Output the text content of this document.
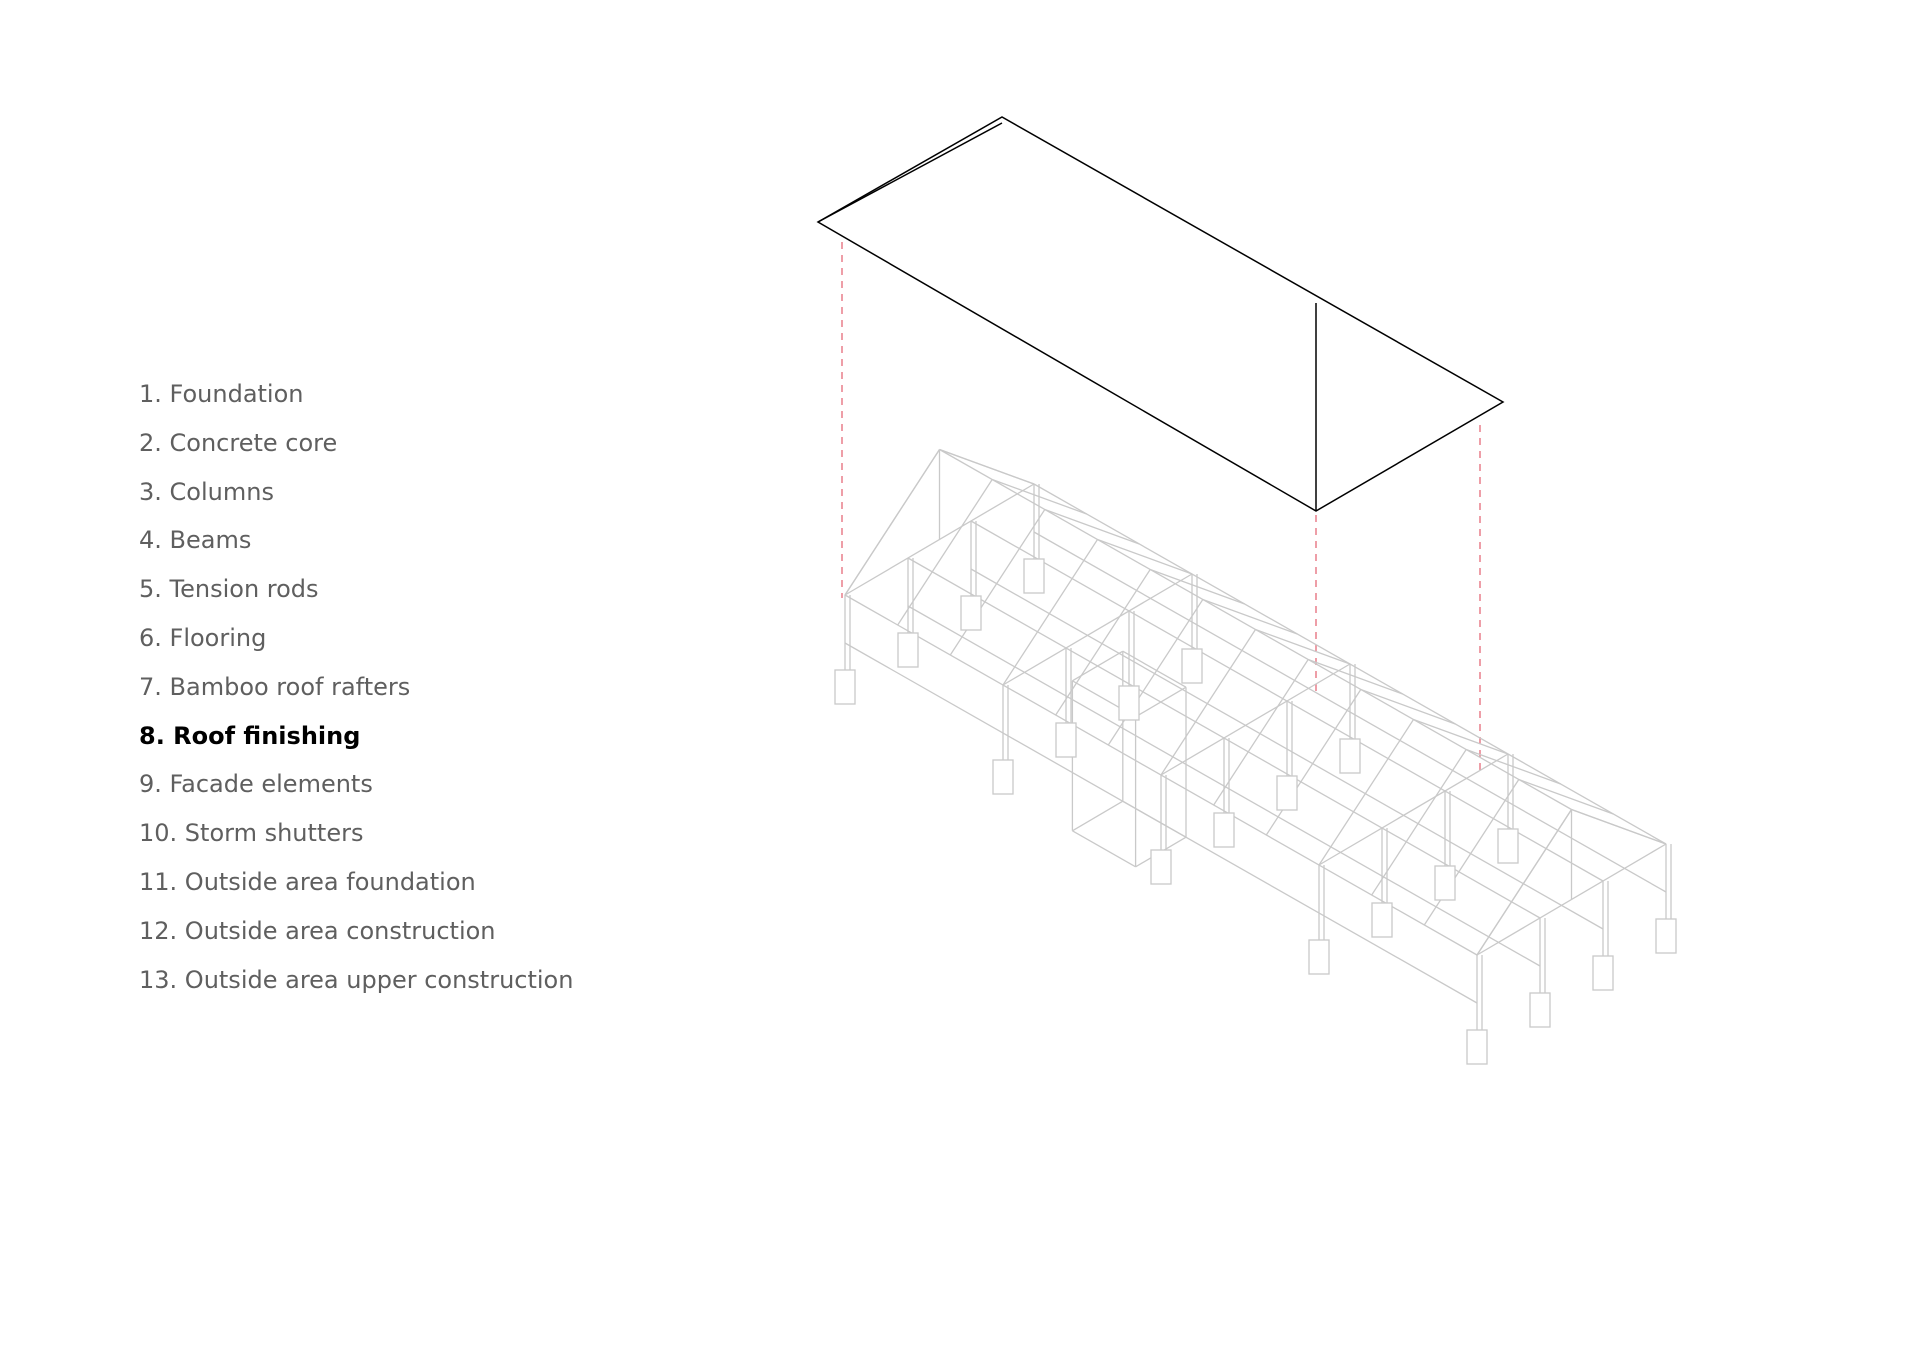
1. Foundation
2. Concrete core
3. Columns
4. Beams
5. Tension rods
6. Flooring
7. Bamboo roof rafters
8. Roof finishing
9. Facade elements
10. Storm shutters
11. Outside area foundation
12. Outside area construction
13. Outside area upper construction
